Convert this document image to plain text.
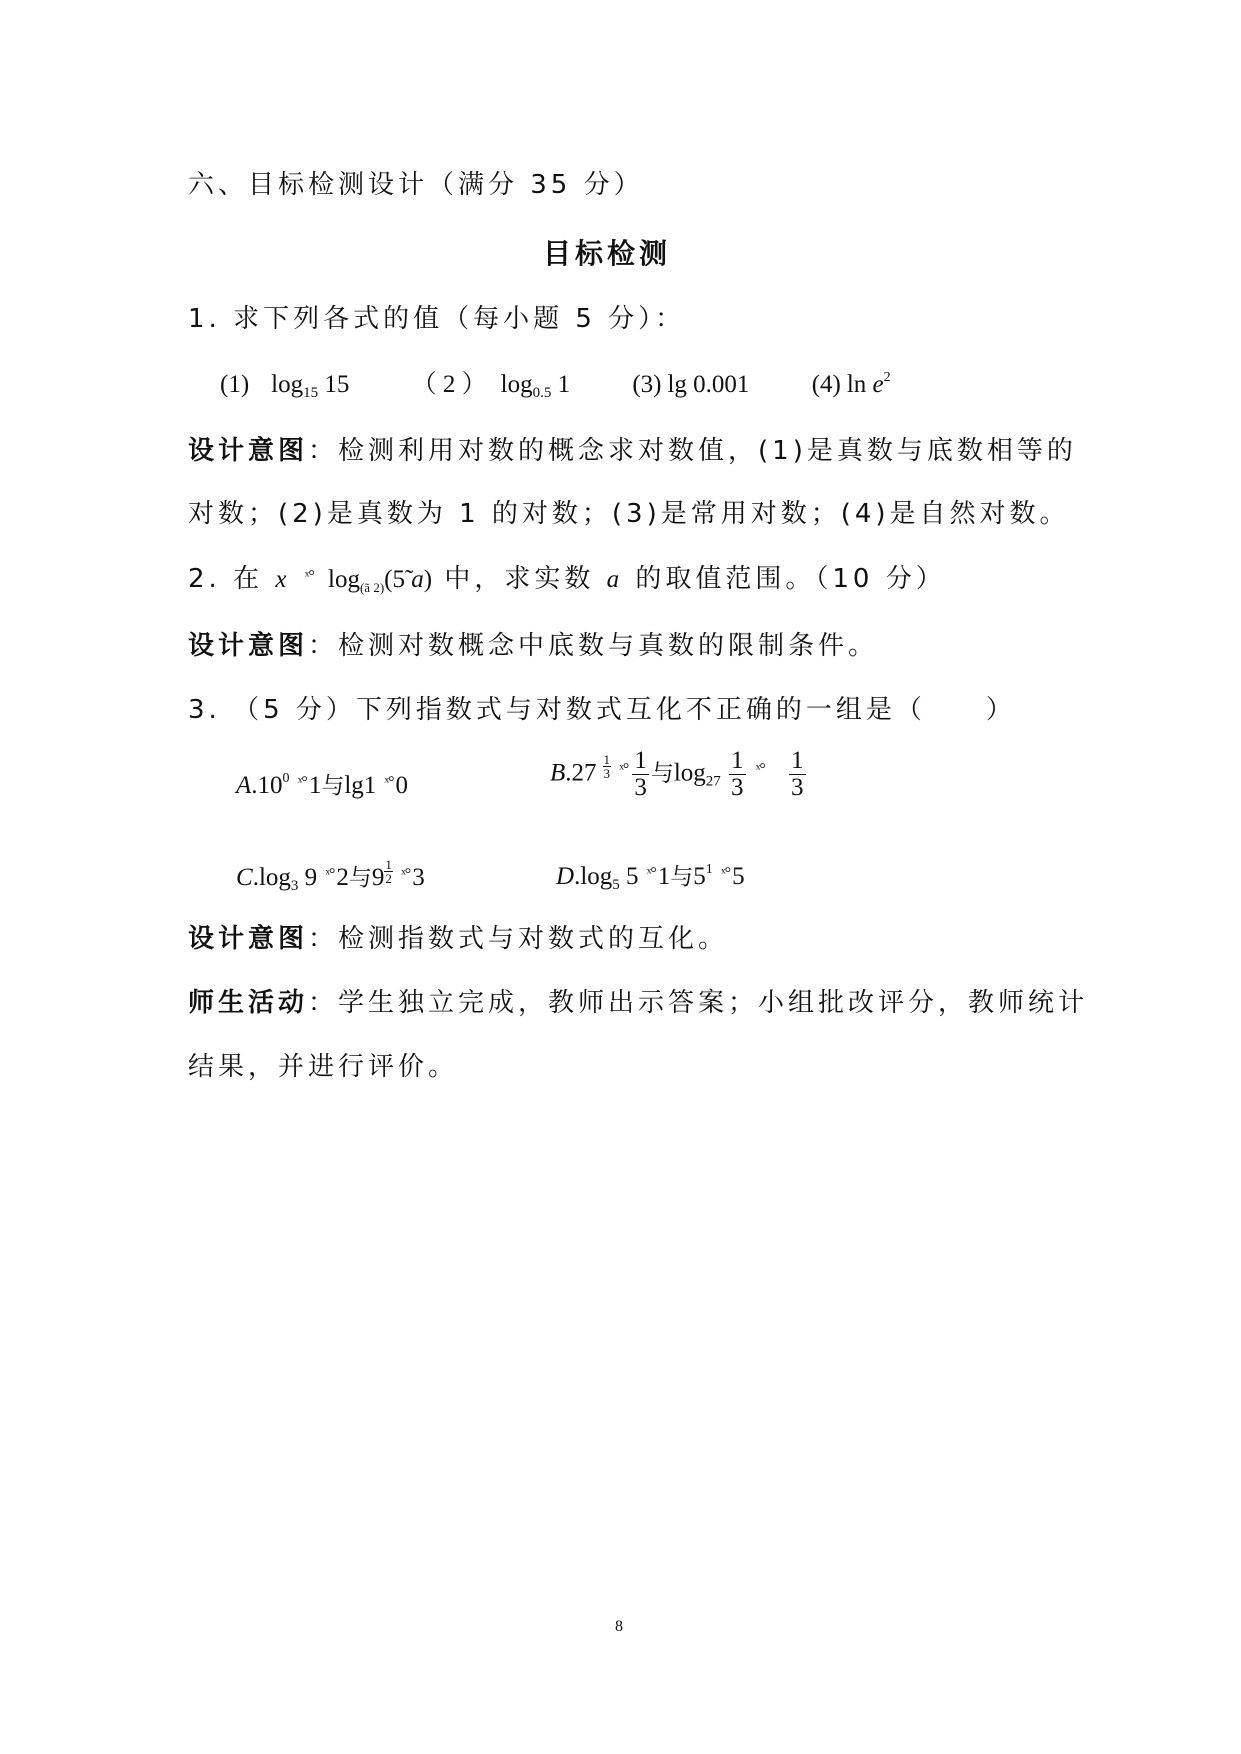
六、目标检测设计（满分 35 分）
目标检测
1. 求下列各式的值（每小题 5 分）：
(1) $\log_{15} 15$ （ 2 ） $\log_{0.5} 1$ (3) lg 0.001 (4) $\ln e^2$
设计意图：检测利用对数的概念求对数值，(1)是真数与底数相等的
对数；(2)是真数为 1 的对数；(3)是常用对数；(4)是自然对数。
2. 在 x $^{ˣ^\circ}$ $\log_{(ã 2)}(5̃$ a) 中，求实数 a 的取值范围。（10 分）
设计意图：检测对数概念中底数与真数的限制条件。
3. （5 分）下列指数式与对数式互化不正确的一组是（　　）
$A.10^0$ $^{ˣ^\circ}$1与lg1 $^{ˣ^\circ}$0	$B.27 \frac{1}{3} ^{ˣ^\circ} \frac{1}{3}$ 与$\log_{27} \frac{1}{3} ^{ˣ^\circ} \frac{1}{3}$
$C.\log_3$ 9 $^{ˣ^\circ}$2与$9 \frac{1}{2} ^{ˣ^\circ}3$	$D.\log_5$ 5 $^{ˣ^\circ}$1与$5^1$ $^{ˣ^\circ}$5
设计意图：检测指数式与对数式的互化。
师生活动：学生独立完成，教师出示答案；小组批改评分，教师统计
结果，并进行评价。
8
